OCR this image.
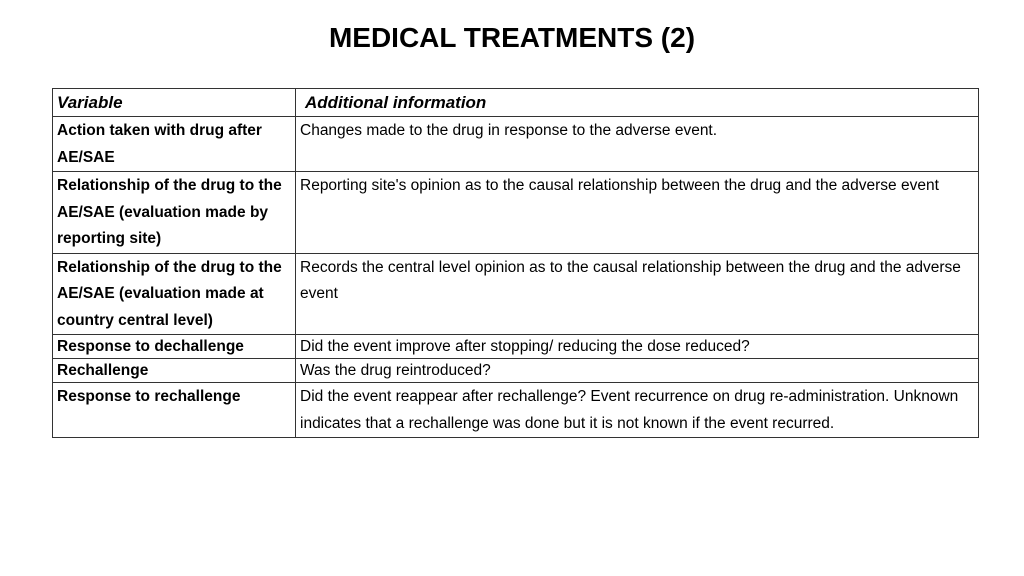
MEDICAL TREATMENTS (2)
Variable	Additional information
Action taken with drug after AE/SAE	Changes made to the drug in response to the adverse event.
Relationship of the drug to the AE/SAE (evaluation made by reporting site)	Reporting site's opinion as to the causal relationship between the drug and the adverse event
Relationship of the drug to the AE/SAE (evaluation made at country central level)	Records the central level opinion as to the causal relationship between the drug and the adverse event
Response to dechallenge	Did the event improve after stopping/ reducing the dose reduced?
Rechallenge	Was the drug reintroduced?
Response to rechallenge	Did the event reappear after rechallenge? Event recurrence on drug re-administration. Unknown indicates that a rechallenge was done but it is not known if the event recurred.
